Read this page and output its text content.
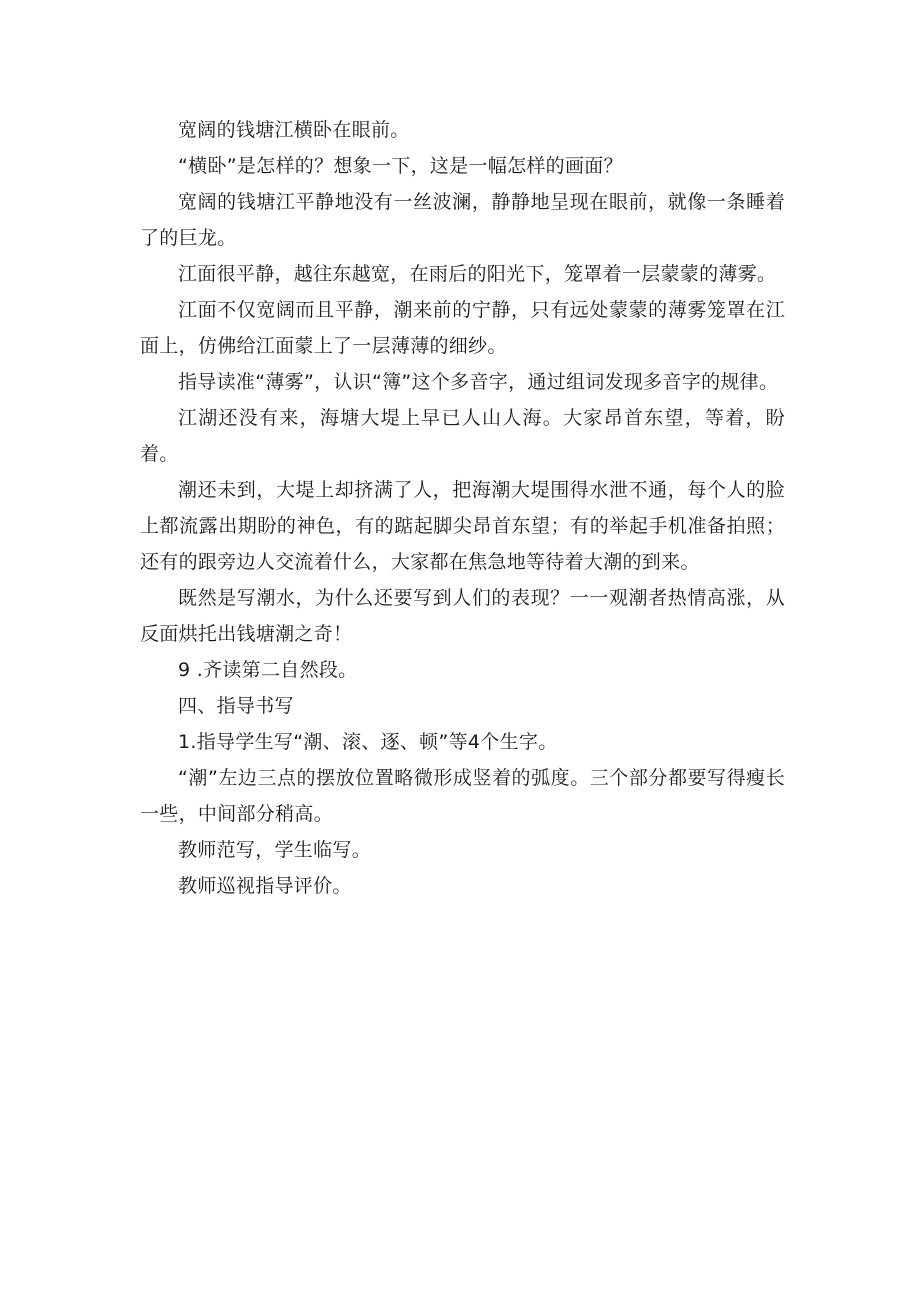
宽阔的钱塘江横卧在眼前。

“横卧”是怎样的？想象一下，这是一幅怎样的画面？

宽阔的钱塘江平静地没有一丝波澜，静静地呈现在眼前，就像一条睡着了的巨龙。

江面很平静，越往东越宽，在雨后的阳光下，笼罩着一层蒙蒙的薄雾。

江面不仅宽阔而且平静，潮来前的宁静，只有远处蒙蒙的薄雾笼罩在江面上，仿佛给江面蒙上了一层薄薄的细纱。

指导读准“薄雾”，认识“簿”这个多音字，通过组词发现多音字的规律。

江湖还没有来，海塘大堤上早已人山人海。大家昂首东望，等着，盼着。

潮还未到，大堤上却挤满了人，把海潮大堤围得水泄不通，每个人的脸上都流露出期盼的神色，有的踮起脚尖昂首东望；有的举起手机准备拍照；还有的跟旁边人交流着什么，大家都在焦急地等待着大潮的到来。

既然是写潮水，为什么还要写到人们的表现？一一观潮者热情高涨，从反面烘托出钱塘潮之奇！

9 .齐读第二自然段。

四、指导书写

1.指导学生写“潮、滚、逐、顿”等4个生字。

“潮”左边三点的摆放位置略微形成竖着的弧度。三个部分都要写得瘦长一些，中间部分稍高。

教师范写，学生临写。

教师巡视指导评价。
